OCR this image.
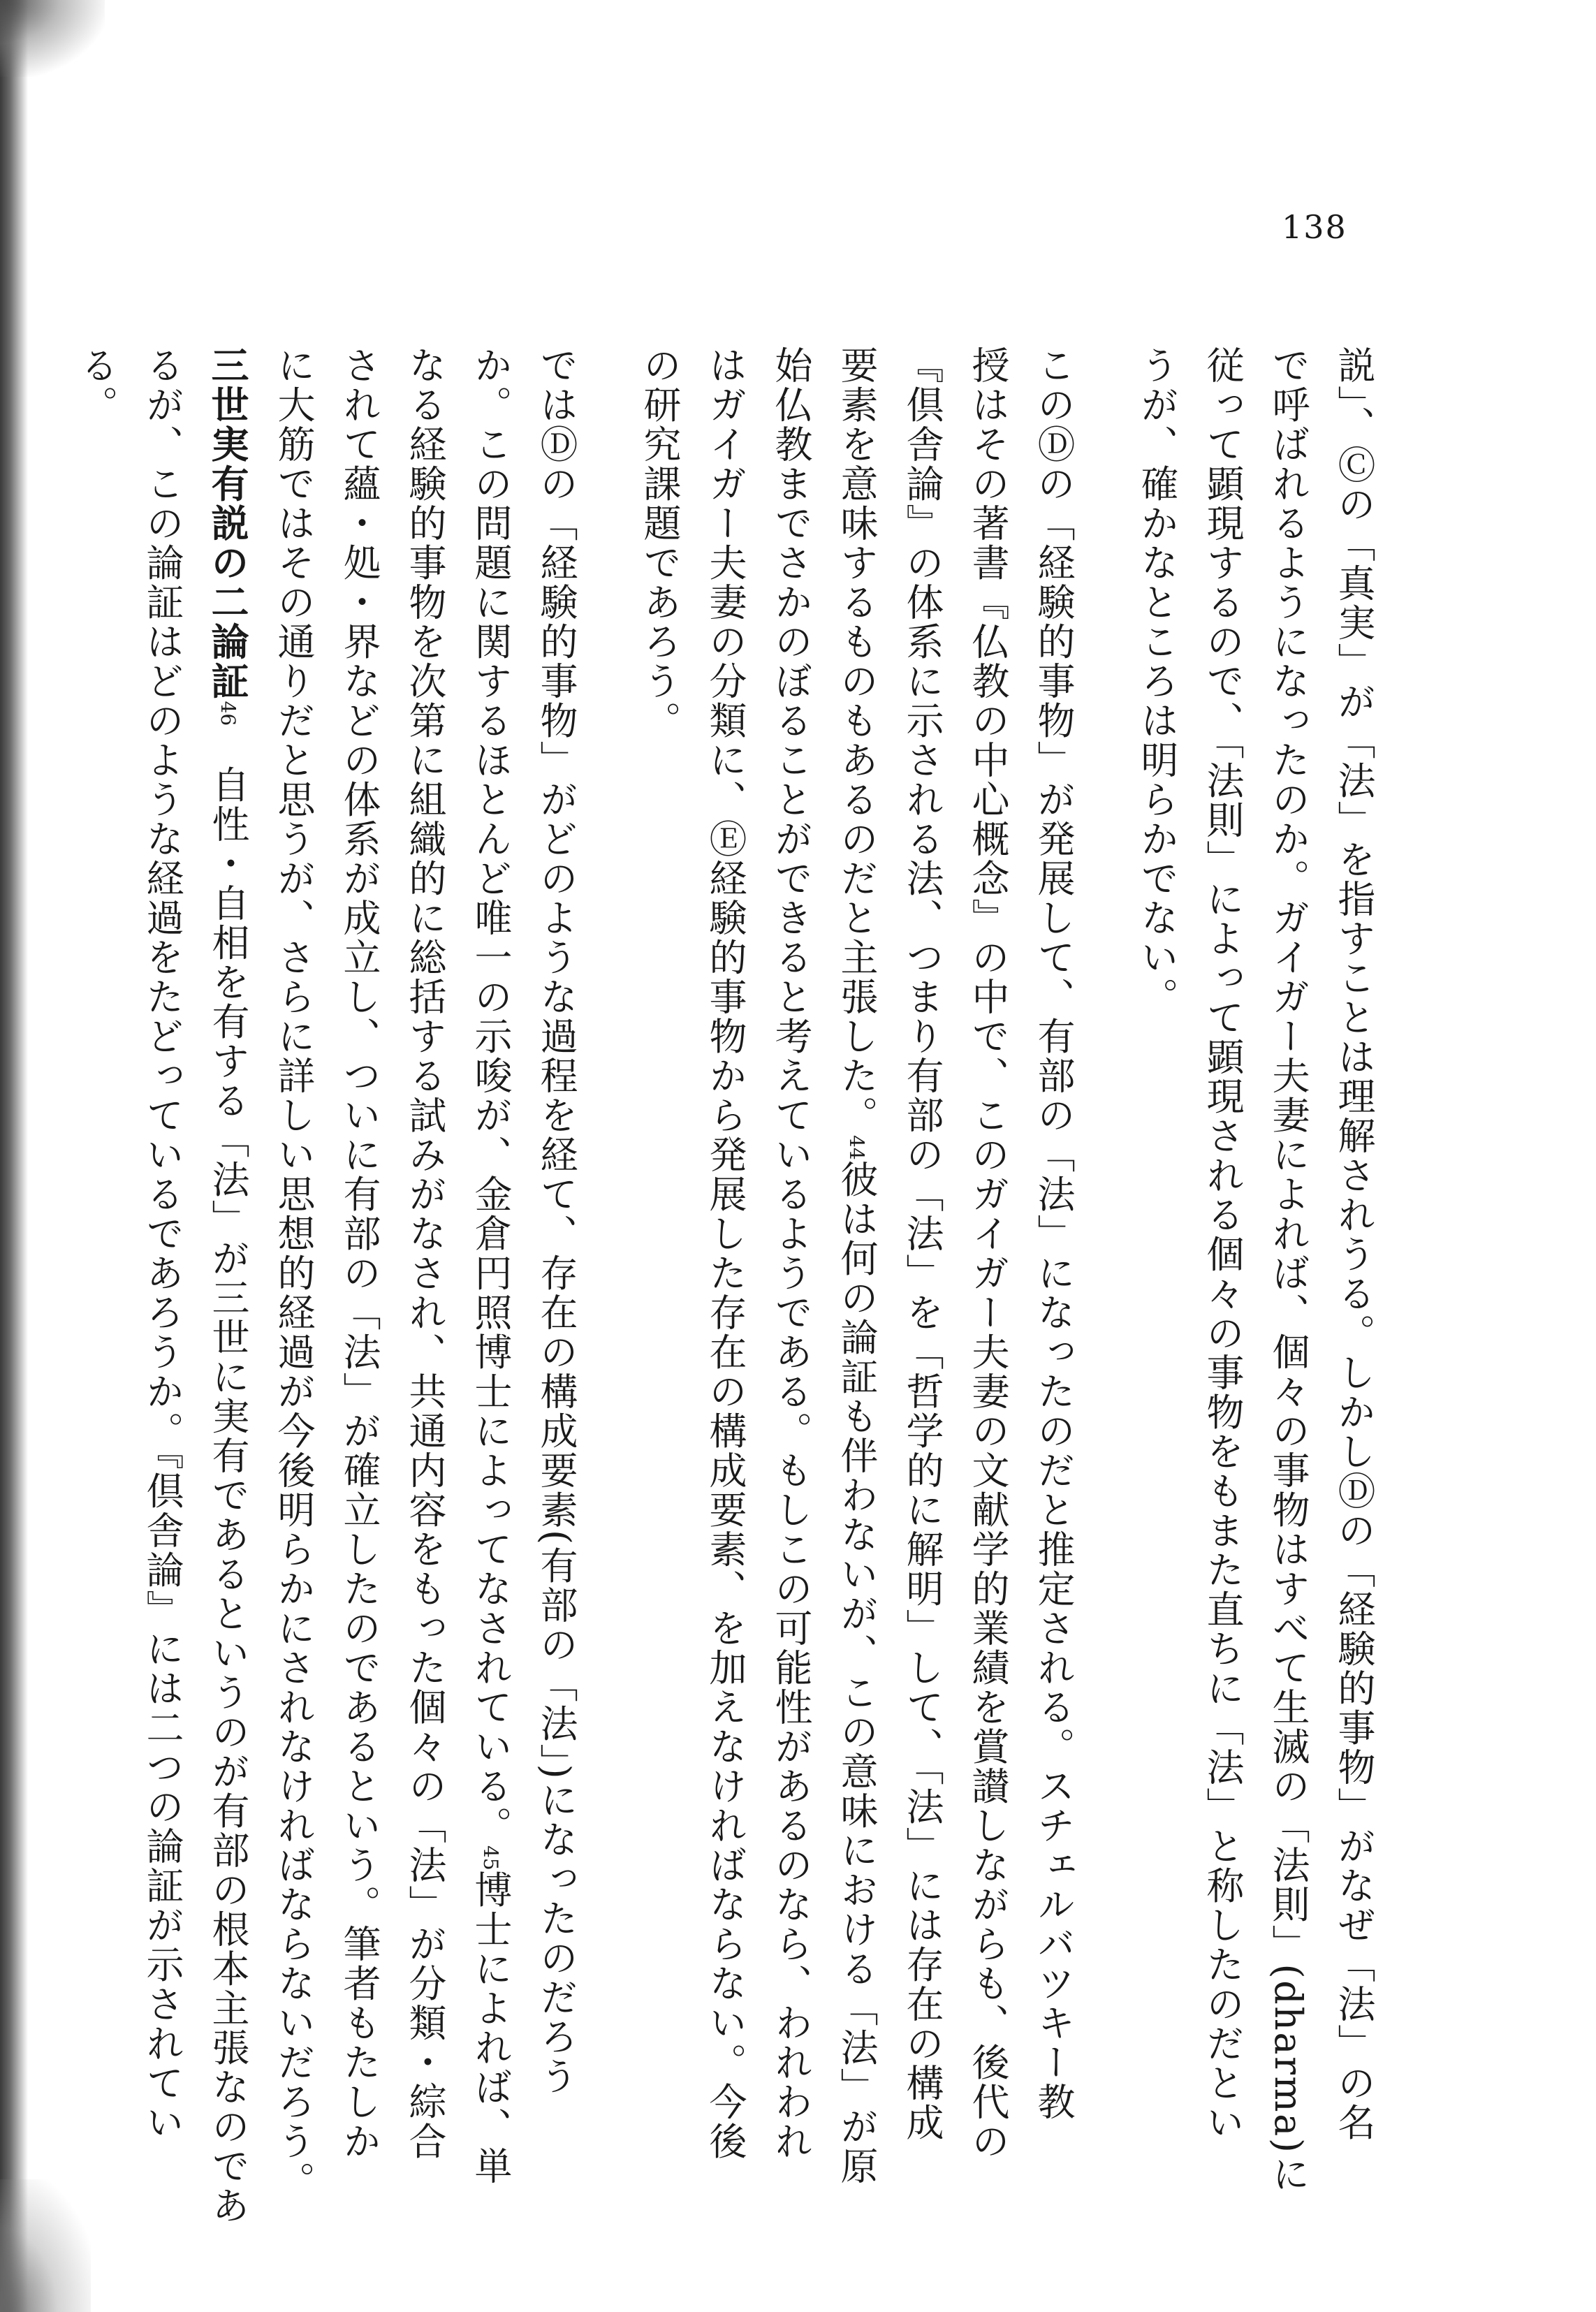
138
説」、Ⓒの「真実」が「法」を指すことは理解されうる。しかしⒹの「経験的事物」がなぜ「法」の名
で呼ばれるようになったのか。ガイガー夫妻によれば、個々の事物はすべて生滅の「法則」(dharma)に
従って顕現するので、「法則」によって顕現される個々の事物をもまた直ちに「法」と称したのだとい
うが、確かなところは明らかでない。
このⒹの「経験的事物」が発展して、有部の「法」になったのだと推定される。スチェルバツキー教
授はその著書『仏教の中心概念』の中で、このガイガー夫妻の文献学的業績を賞讃しながらも、後代の
『倶舎論』の体系に示される法、つまり有部の「法」を「哲学的に解明」して、「法」には存在の構成
要素を意味するものもあるのだと主張した。44彼は何の論証も伴わないが、この意味における「法」が原
始仏教までさかのぼることができると考えているようである。もしこの可能性があるのなら、われわれ
はガイガー夫妻の分類に、Ⓔ経験的事物から発展した存在の構成要素、を加えなければならない。今後
の研究課題であろう。
ではⒹの「経験的事物」がどのような過程を経て、存在の構成要素(有部の「法」)になったのだろう
か。この問題に関するほとんど唯一の示唆が、金倉円照博士によってなされている。45博士によれば、単
なる経験的事物を次第に組織的に総括する試みがなされ、共通内容をもった個々の「法」が分類・綜合
されて蘊・処・界などの体系が成立し、ついに有部の「法」が確立したのであるという。筆者もたしか
に大筋ではその通りだと思うが、さらに詳しい思想的経過が今後明らかにされなければならないだろう。
三世実有説の二論証46　自性・自相を有する「法」が三世に実有であるというのが有部の根本主張なのであ
るが、この論証はどのような経過をたどっているであろうか。『倶舎論』には二つの論証が示されてい
る。
